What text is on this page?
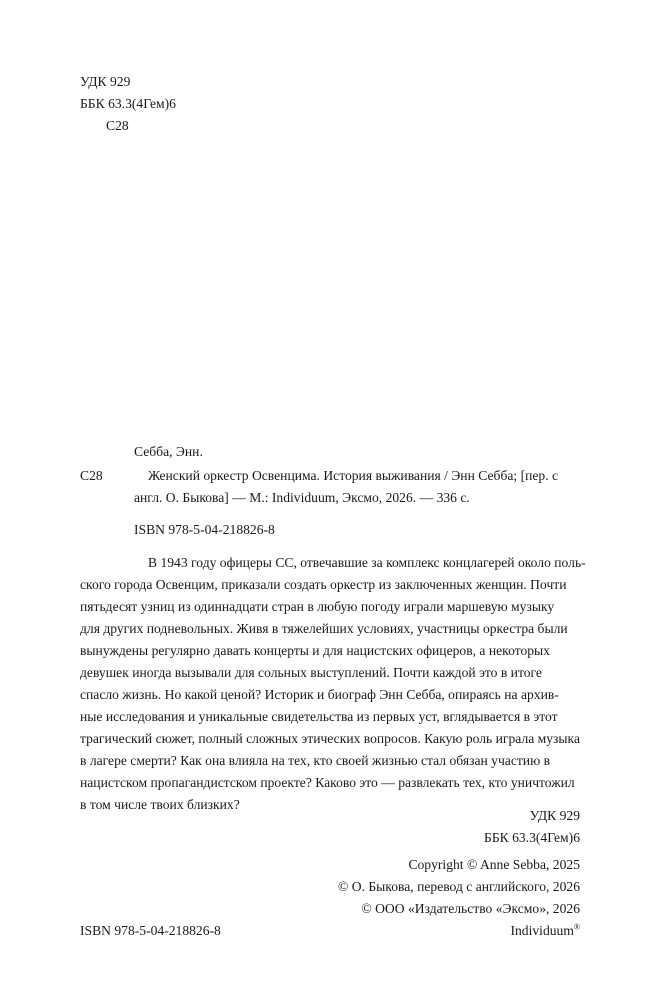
УДК 929
ББК 63.3(4Гем)6
С28
Себба, Энн.
С28	Женский оркестр Освенцима. История выживания / Энн Себба; [пер. с
англ. О. Быкова] — М.: Individuum, Эксмо, 2026. — 336 с.
ISBN 978-5-04-218826-8
В 1943 году офицеры СС, отвечавшие за комплекс концлагерей около поль-
ского города Освенцим, приказали создать оркестр из заключенных женщин. Почти
пятьдесят узниц из одиннадцати стран в любую погоду играли маршевую музыку
для других подневольных. Живя в тяжелейших условиях, участницы оркестра были
вынуждены регулярно давать концерты и для нацистских офицеров, а некоторых
девушек иногда вызывали для сольных выступлений. Почти каждой это в итоге
спасло жизнь. Но какой ценой? Историк и биограф Энн Себба, опираясь на архив-
ные исследования и уникальные свидетельства из первых уст, вглядывается в этот
трагический сюжет, полный сложных этических вопросов. Какую роль играла музыка
в лагере смерти? Как она влияла на тех, кто своей жизнью стал обязан участию в
нацистском пропагандистском проекте? Каково это — развлекать тех, кто уничтожил
в том числе твоих близких?
УДК 929
ББК 63.3(4Гем)6
Copyright © Anne Sebba, 2025
© О. Быкова, перевод с английского, 2026
© ООО «Издательство «Эксмо», 2026
Individuum®
ISBN 978-5-04-218826-8
